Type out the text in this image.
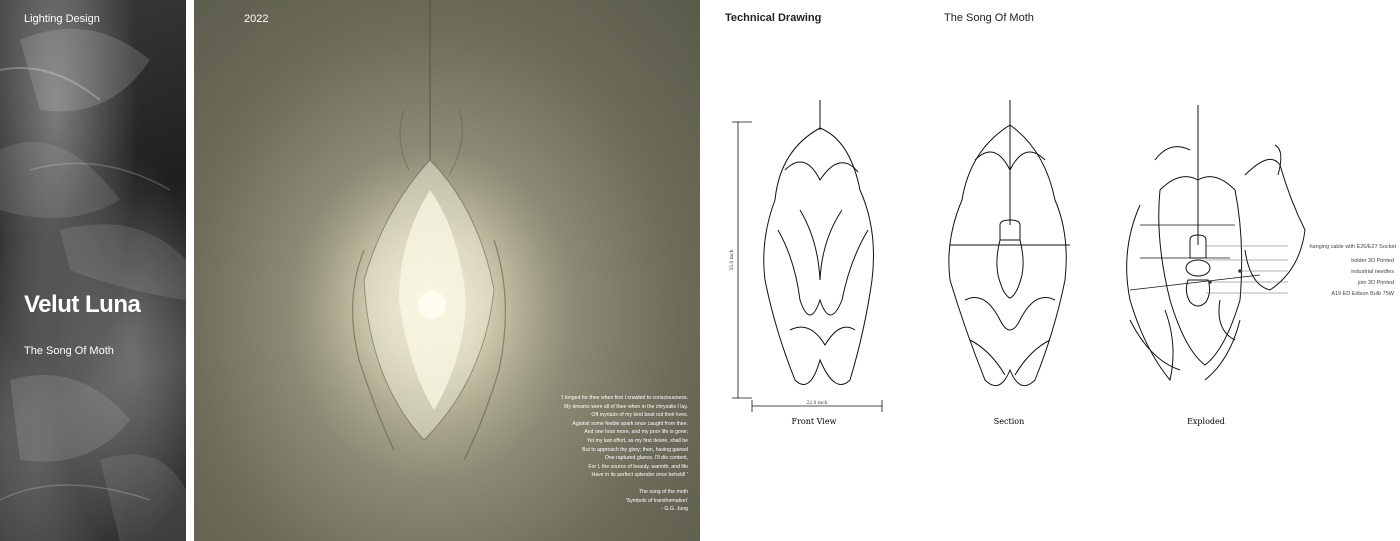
Lighting Design
Velut Luna
The Song Of Moth
2022
'I longed for thee when first I crawled to consciousness.
My dreams were all of thee when in the chrysalis I lay.
Oft myriads of my kind beat out their lives.
Against some feeble spark once caught from thee.
And one hour more, and my poor life is gone;
Yet my last effort, as my first desire, shall be
But to approach thy glory; then, having gained
One raptured glance, I'll die content,
For I, the source of beauty, warmth, and life
Have in its perfect splendor once beheld! '
The song of the moth
'Symbols of transformation'
- G.G. Jung
Technical Drawing	The Song Of Moth
hanging cable with E26/E27 Socket
holder 3D Printed
industrial needles
join 3D Printed
A19 ED Edison Bulb 75W
35.0 inch
22.0 inch
Front View	Section	Exploded
